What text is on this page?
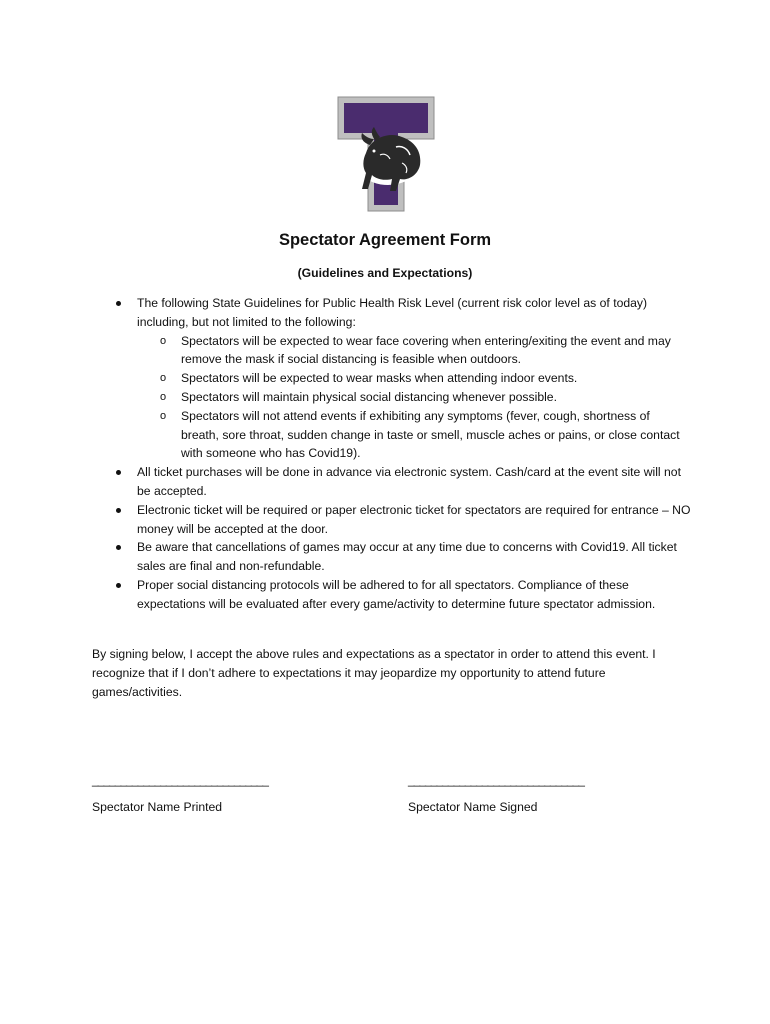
Spectator Agreement Form
(Guidelines and Expectations)
The following State Guidelines for Public Health Risk Level (current risk color level as of today) including, but not limited to the following:
o Spectators will be expected to wear face covering when entering/exiting the event and may remove the mask if social distancing is feasible when outdoors.
o Spectators will be expected to wear masks when attending indoor events.
o Spectators will maintain physical social distancing whenever possible.
o Spectators will not attend events if exhibiting any symptoms (fever, cough, shortness of breath, sore throat, sudden change in taste or smell, muscle aches or pains, or close contact with someone who has Covid19).
All ticket purchases will be done in advance via electronic system. Cash/card at the event site will not be accepted.
Electronic ticket will be required or paper electronic ticket for spectators are required for entrance – NO money will be accepted at the door.
Be aware that cancellations of games may occur at any time due to concerns with Covid19. All ticket sales are final and non-refundable.
Proper social distancing protocols will be adhered to for all spectators. Compliance of these expectations will be evaluated after every game/activity to determine future spectator admission.
By signing below, I accept the above rules and expectations as a spectator in order to attend this event. I recognize that if I don’t adhere to expectations it may jeopardize my opportunity to attend future games/activities.
_______________________________	_______________________________
Spectator Name Printed	Spectator Name Signed
